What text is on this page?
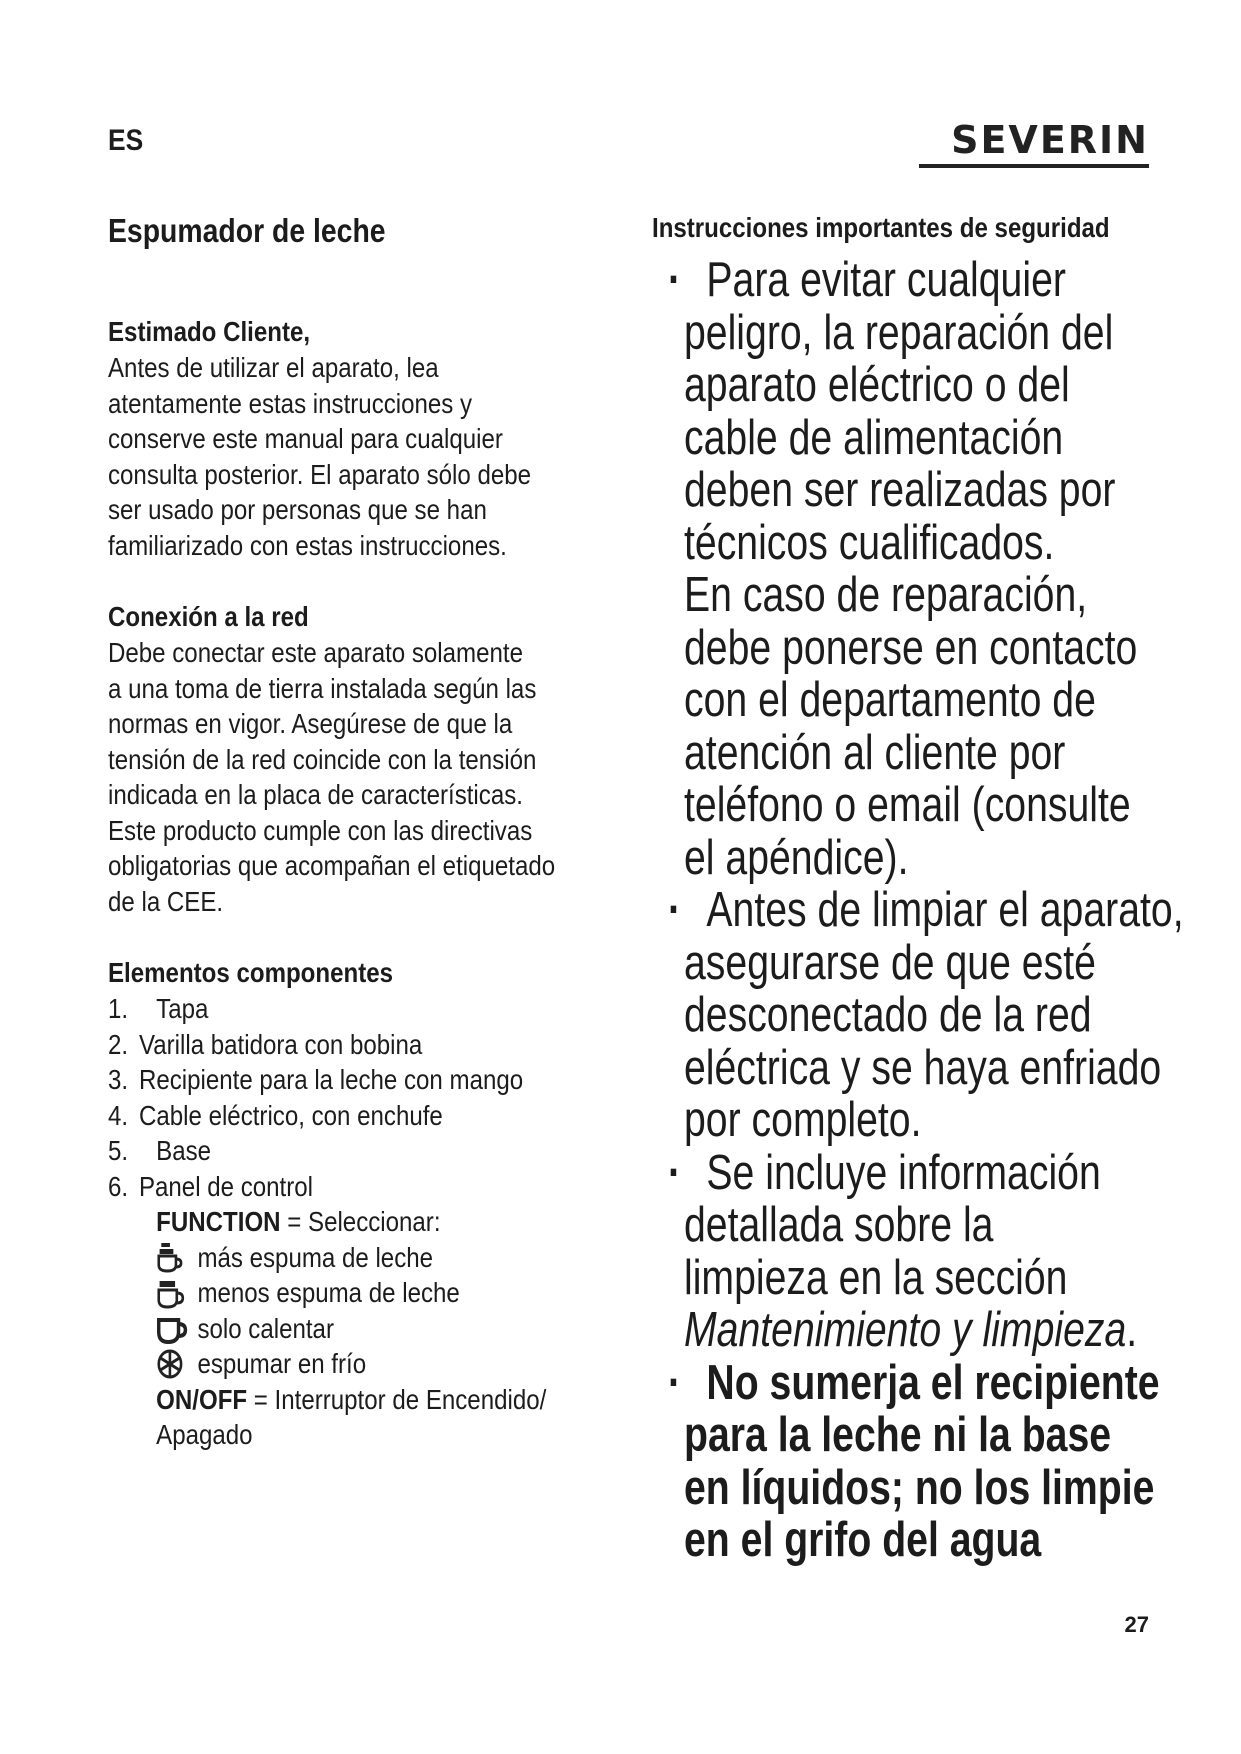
ES	SEVERIN
Espumador de leche

Estimado Cliente,

Antes de utilizar el aparato, lea
atentamente estas instrucciones y
conserve este manual para cualquier
consulta posterior. El aparato sólo debe
ser usado por personas que se han
familiarizado con estas instrucciones.

Conexión a la red

Debe conectar este aparato solamente
a una toma de tierra instalada según las
normas en vigor. Asegúrese de que la
tensión de la red coincide con la tensión
indicada en la placa de características.
Este producto cumple con las directivas
obligatorias que acompañan el etiquetado
de la CEE.

Elementos componentes

1.	Tapa
2. Varilla batidora con bobina
3. Recipiente para la leche con mango
4. Cable eléctrico, con enchufe
5.	Base
6. Panel de control
FUNCTION = Seleccionar:
más espuma de leche
menos espuma de leche
solo calentar
espumar en frío
ON/OFF = Interruptor de Encendido/
Apagado
Instrucciones importantes de seguridad
· Para evitar cualquier
peligro, la reparación del
aparato eléctrico o del
cable de alimentación
deben ser realizadas por
técnicos cualificados.
En caso de reparación,
debe ponerse en contacto
con el departamento de
atención al cliente por
teléfono o email (consulte
el apéndice).
· Antes de limpiar el aparato,
asegurarse de que esté
desconectado de la red
eléctrica y se haya enfriado
por completo.
· Se incluye información
detallada sobre la
limpieza en la sección
Mantenimiento y limpieza.
· No sumerja el recipiente
para la leche ni la base
en líquidos; no los limpie
en el grifo del agua
27
